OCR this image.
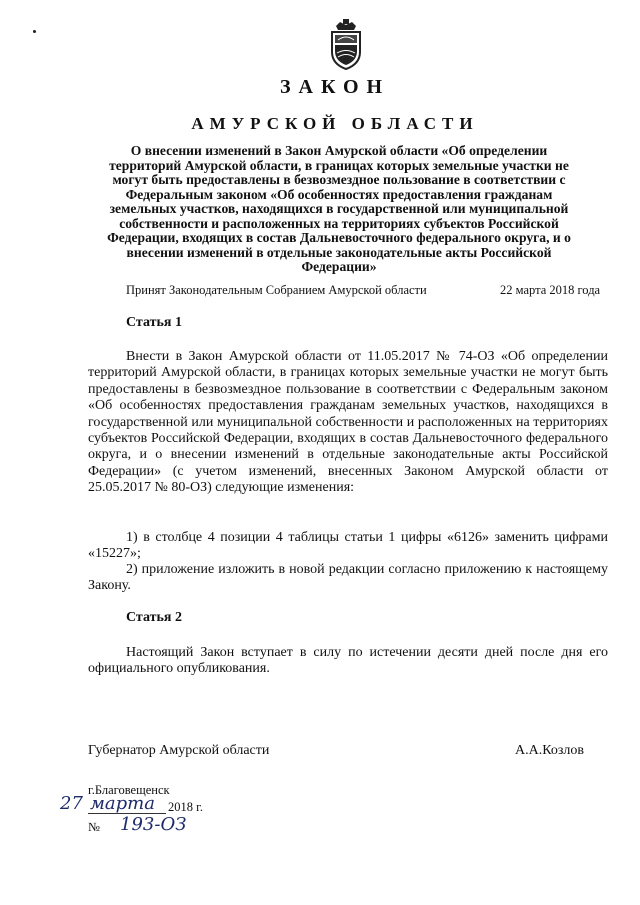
ЗАКОН
АМУРСКОЙ ОБЛАСТИ
О внесении изменений в Закон Амурской области «Об определении территорий Амурской области, в границах которых земельные участки не могут быть предоставлены в безвозмездное пользование в соответствии с Федеральным законом «Об особенностях предоставления гражданам земельных участков, находящихся в государственной или муниципальной собственности и расположенных на территориях субъектов Российской Федерации, входящих в состав Дальневосточного федерального округа, и о внесении изменений в отдельные законодательные акты Российской Федерации»
Принят Законодательным Собранием Амурской области	22 марта 2018 года
Статья 1
Внести в Закон Амурской области от 11.05.2017 № 74-ОЗ «Об определении территорий Амурской области, в границах которых земельные участки не могут быть предоставлены в безвозмездное пользование в соответствии с Федеральным законом «Об особенностях предоставления гражданам земельных участков, находящихся в государственной или муниципальной собственности и расположенных на территориях субъектов Российской Федерации, входящих в состав Дальневосточного федерального округа, и о внесении изменений в отдельные законодательные акты Российской Федерации» (с учетом изменений, внесенных Законом Амурской области от 25.05.2017 № 80-ОЗ) следующие изменения:
1) в столбце 4 позиции 4 таблицы статьи 1 цифры «6126» заменить цифрами «15227»;
2) приложение изложить в новой редакции согласно приложению к настоящему Закону.
Статья 2
Настоящий Закон вступает в силу по истечении десяти дней после дня его официального опубликования.
Губернатор Амурской области	А.А.Козлов
г.Благовещенск
27 марта 2018 г.
№ 193-ОЗ
